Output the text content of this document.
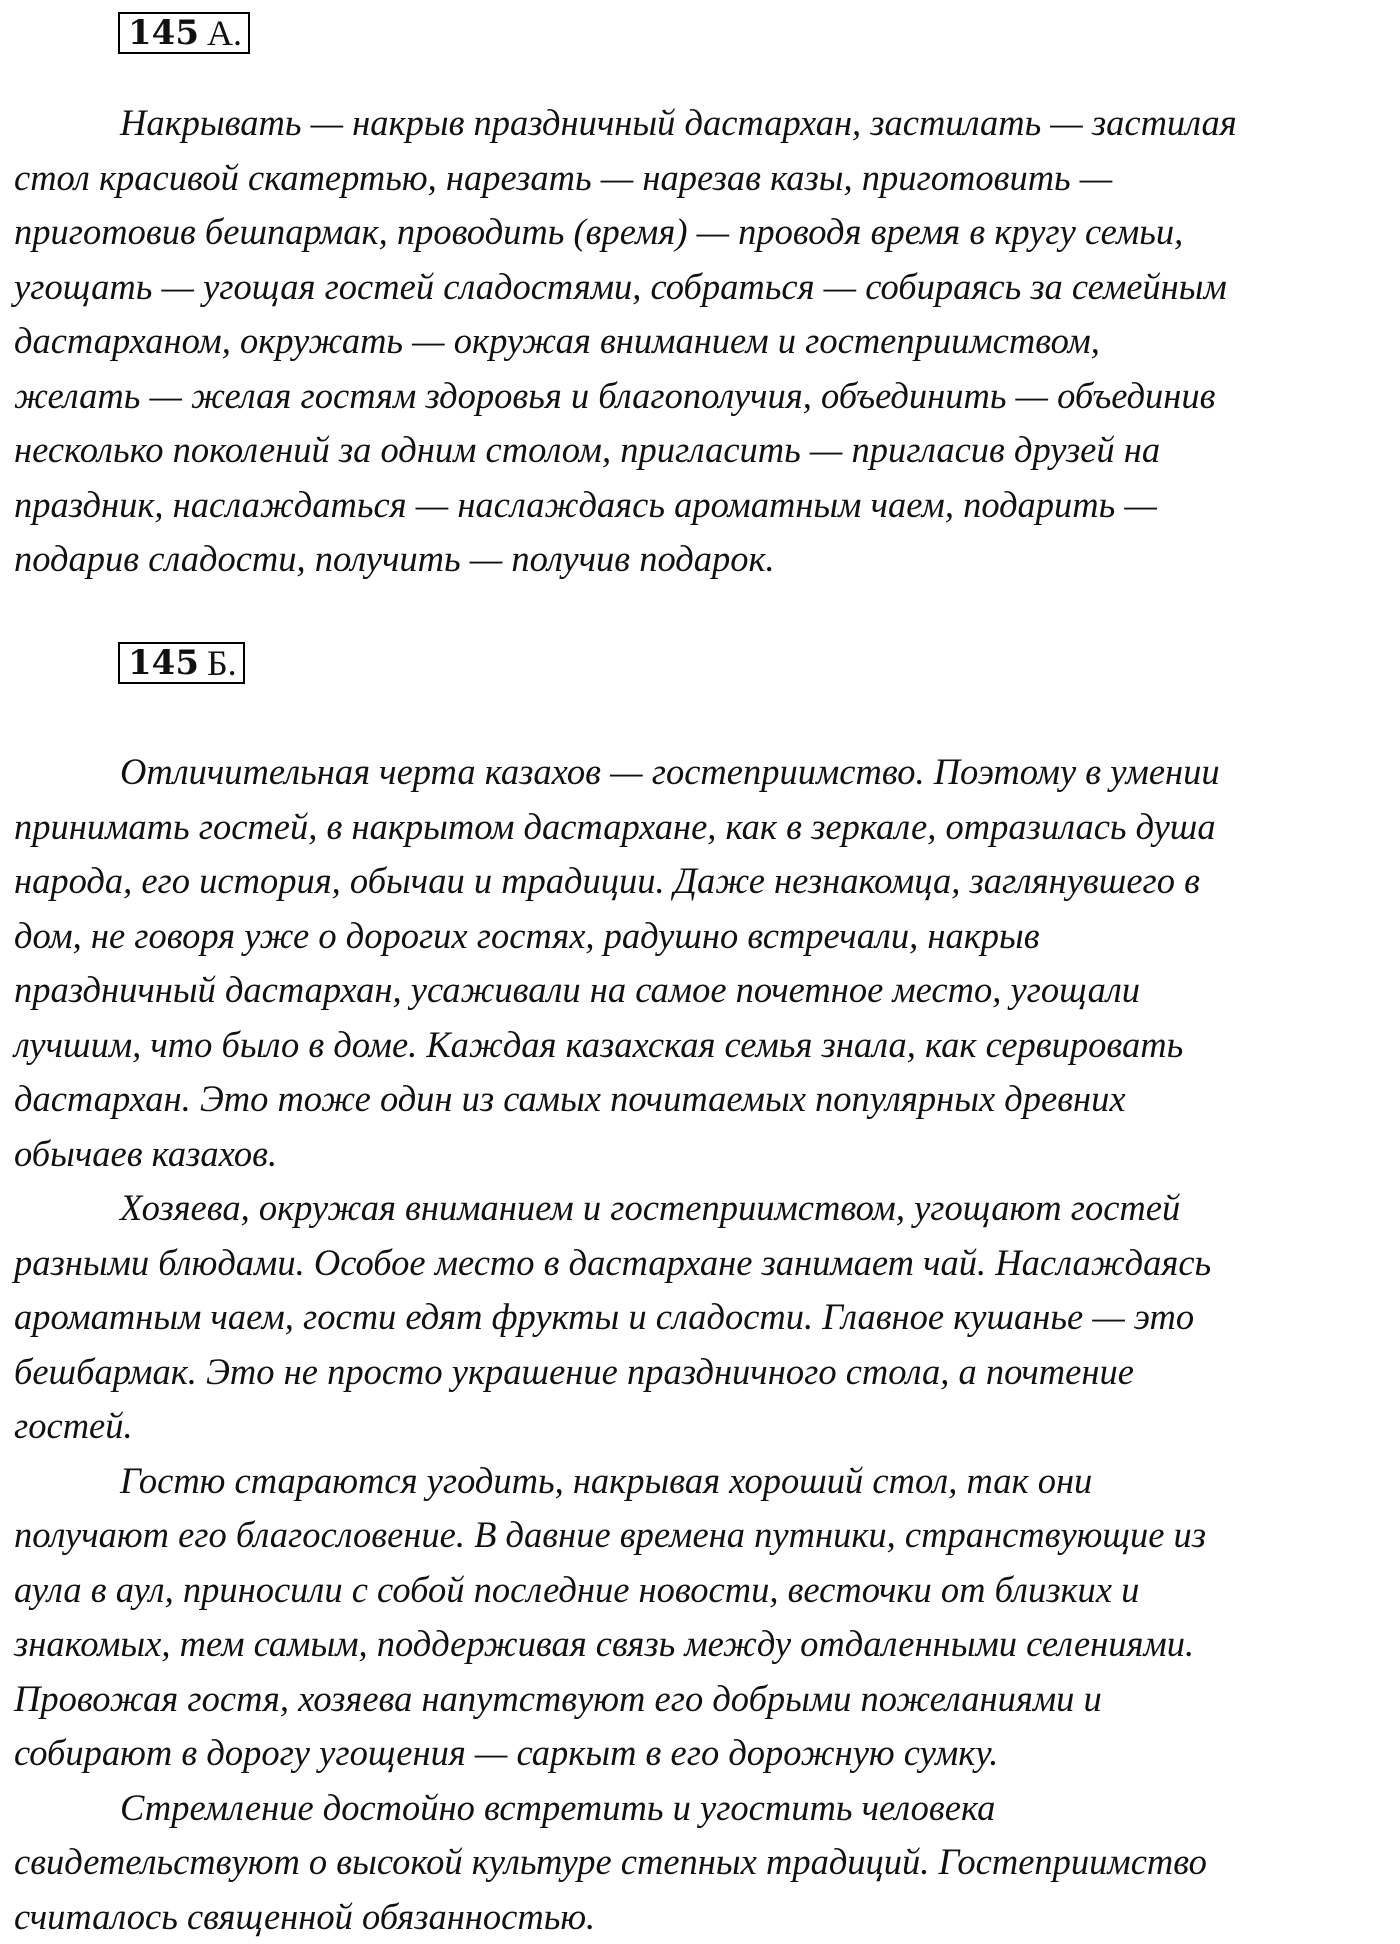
145 А.

Накрывать — накрыв праздничный дастархан, застилать — застилая
стол красивой скатертью, нарезать — нарезав казы, приготовить —
приготовив бешпармак, проводить (время) — проводя время в кругу семьи,
угощать — угощая гостей сладостями, собраться — собираясь за семейным
дастарханом, окружать — окружая вниманием и гостеприимством,
желать — желая гостям здоровья и благополучия, объединить — объединив
несколько поколений за одним столом, пригласить — пригласив друзей на
праздник, наслаждаться — наслаждаясь ароматным чаем, подарить —
подарив сладости, получить — получив подарок.

145 Б.

Отличительная черта казахов — гостеприимство. Поэтому в умении
принимать гостей, в накрытом дастархане, как в зеркале, отразилась душа
народа, его история, обычаи и традиции. Даже незнакомца, заглянувшего в
дом, не говоря уже о дорогих гостях, радушно встречали, накрыв
праздничный дастархан, усаживали на самое почетное место, угощали
лучшим, что было в доме. Каждая казахская семья знала, как сервировать
дастархан. Это тоже один из самых почитаемых популярных древних
обычаев казахов.

Хозяева, окружая вниманием и гостеприимством, угощают гостей
разными блюдами. Особое место в дастархане занимает чай. Наслаждаясь
ароматным чаем, гости едят фрукты и сладости. Главное кушанье — это
бешбармак. Это не просто украшение праздничного стола, а почтение
гостей.

Гостю стараются угодить, накрывая хороший стол, так они
получают его благословение. В давние времена путники, странствующие из
аула в аул, приносили с собой последние новости, весточки от близких и
знакомых, тем самым, поддерживая связь между отдаленными селениями.
Провожая гостя, хозяева напутствуют его добрыми пожеланиями и
собирают в дорогу угощения — саркыт в его дорожную сумку.

Стремление достойно встретить и угостить человека
свидетельствуют о высокой культуре степных традиций. Гостеприимство
считалось священной обязанностью.
